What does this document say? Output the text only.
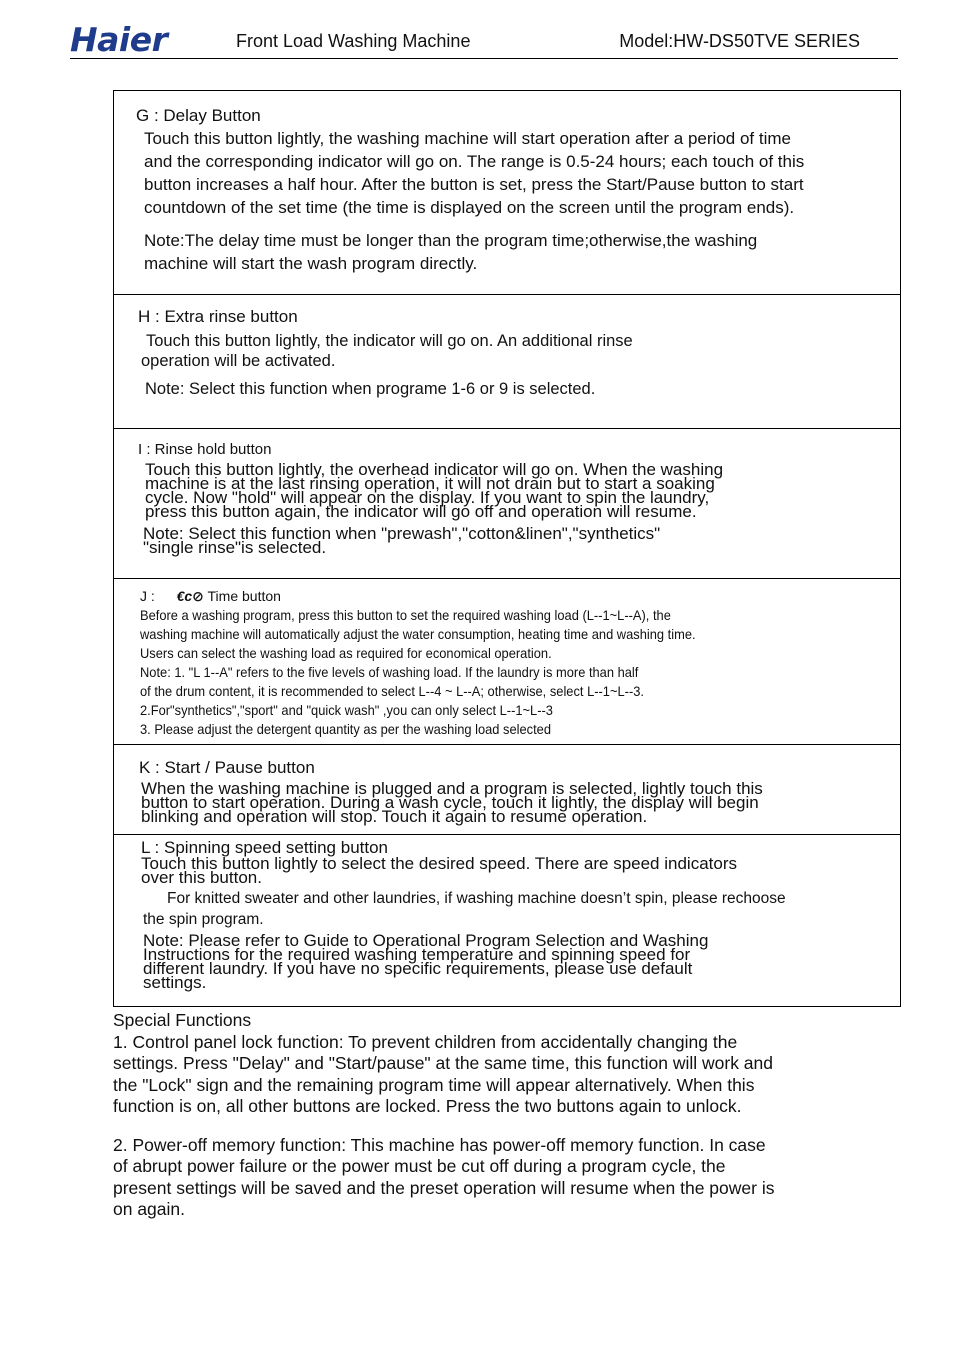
Haier	Front Load Washing Machine	Model:HW-DS50TVE SERIES

G : Delay Button

Touch this button lightly, the washing machine will start operation after a period of time

and the corresponding indicator will go on. The range is 0.5-24 hours; each touch of this

button increases a half hour. After the button is set, press the Start/Pause button to start

countdown of the set time (the time is displayed on the screen until the program ends).

Note:The delay time must be longer than the program time;otherwise,the washing

machine will start the wash program directly.

H : Extra rinse button

Touch this button lightly, the indicator will go on. An additional rinse

operation will be activated.

Note: Select this function when programe 1-6 or 9 is selected.

I : Rinse hold button

Touch this button lightly, the overhead indicator will go on. When the washing

machine is at the last rinsing operation, it will not drain but to start a soaking

cycle. Now "hold" will appear on the display. If you want to spin the laundry,

press this button again, the indicator will go off and operation will resume.

Note: Select this function when "prewash","cotton&linen","synthetics"

"single rinse"is selected.

J : €c⊘ Time button

Before a washing program, press this button to set the required washing load (L--1~L--A), the

washing machine will automatically adjust the water consumption, heating time and washing time.

Users can select the washing load as required for economical operation.

Note: 1. "L 1--A" refers to the five levels of washing load. If the laundry is more than half

of the drum content, it is recommended to select L--4 ~ L--A; otherwise, select L--1~L--3.

2.For"synthetics","sport" and "quick wash" ,you can only select L--1~L--3

3. Please adjust the detergent quantity as per the washing load selected

K : Start / Pause button

When the washing machine is plugged and a program is selected, lightly touch this

button to start operation. During a wash cycle, touch it lightly, the display will begin

blinking and operation will stop. Touch it again to resume operation.

L : Spinning speed setting button

Touch this button lightly to select the desired speed. There are speed indicators

over this button.

For knitted sweater and other laundries, if washing machine doesn’t spin, please rechoose

the spin program.

Note: Please refer to Guide to Operational Program Selection and Washing

Instructions for the required washing temperature and spinning speed for

different laundry. If you have no specific requirements, please use default

settings.

Special Functions

1. Control panel lock function: To prevent children from accidentally changing the
settings. Press "Delay" and "Start/pause" at the same time, this function will work and
the "Lock" sign and the remaining program time will appear alternatively. When this
function is on, all other buttons are locked. Press the two buttons again to unlock.

2. Power-off memory function: This machine has power-off memory function. In case
of abrupt power failure or the power must be cut off during a program cycle, the
present settings will be saved and the preset operation will resume when the power is
on again.
